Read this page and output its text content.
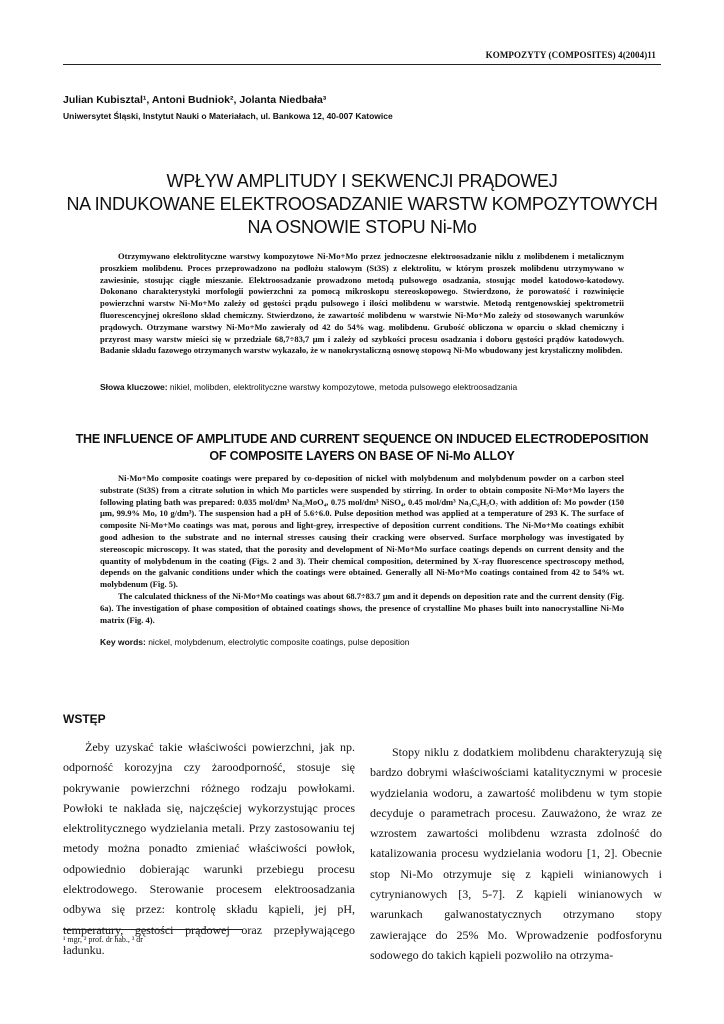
KOMPOZYTY (COMPOSITES) 4(2004)11
Julian Kubisztal¹, Antoni Budniok², Jolanta Niedbała³
Uniwersytet Śląski, Instytut Nauki o Materiałach, ul. Bankowa 12, 40-007 Katowice
WPŁYW AMPLITUDY I SEKWENCJI PRĄDOWEJ
NA INDUKOWANE ELEKTROOSADZANIE WARSTW KOMPOZYTOWYCH
NA OSNOWIE STOPU Ni-Mo

Otrzymywano elektrolityczne warstwy kompozytowe Ni-Mo+Mo przez jednoczesne elektroosadzanie niklu z molibdenem i metalicznym proszkiem molibdenu. Proces przeprowadzono na podłożu stalowym (St3S) z elektrolitu, w którym proszek molibdenu utrzymywano w zawiesinie, stosując ciągłe mieszanie. Elektroosadzanie prowadzono metodą pulsowego osadzania, stosując model katodowo-katodowy. Dokonano charakterystyki morfologii powierzchni za pomocą mikroskopu stereoskopowego. Stwierdzono, że porowatość i rozwinięcie powierzchni warstw Ni-Mo+Mo zależy od gęstości prądu pulsowego i ilości molibdenu w warstwie. Metodą rentgenowskiej spektrometrii fluorescencyjnej określono skład chemiczny. Stwierdzono, że zawartość molibdenu w warstwie Ni-Mo+Mo zależy od stosowanych warunków prądowych. Otrzymane warstwy Ni-Mo+Mo zawierały od 42 do 54% wag. molibdenu. Grubość obliczona w oparciu o skład chemiczny i przyrost masy warstw mieści się w przedziale 68,7÷83,7 µm i zależy od szybkości procesu osadzania i doboru gęstości prądów katodowych. Badanie składu fazowego otrzymanych warstw wykazało, że w nanokrystaliczną osnowę stopową Ni-Mo wbudowany jest krystaliczny molibden.

Słowa kluczowe: nikiel, molibden, elektrolityczne warstwy kompozytowe, metoda pulsowego elektroosadzania
THE INFLUENCE OF AMPLITUDE AND CURRENT SEQUENCE ON INDUCED ELECTRODEPOSITION
OF COMPOSITE LAYERS ON BASE OF Ni-Mo ALLOY

Ni-Mo+Mo composite coatings were prepared by co-deposition of nickel with molybdenum and molybdenum powder on a carbon steel substrate (St3S) from a citrate solution in which Mo particles were suspended by stirring. In order to obtain composite Ni-Mo+Mo layers the following plating bath was prepared: 0.035 mol/dm³ Na₂MoO₄, 0.75 mol/dm³ NiSO₄, 0.45 mol/dm³ Na₃C₆H₅O₇ with addition of: Mo powder (150 µm, 99.9% Mo, 10 g/dm³). The suspension had a pH of 5.6÷6.0. Pulse deposition method was applied at a temperature of 293 K. The surface of composite Ni-Mo+Mo coatings was mat, porous and light-grey, irrespective of deposition current conditions. The Ni-Mo+Mo coatings exhibit good adhesion to the substrate and no internal stresses causing their cracking were observed. Surface morphology was investigated by stereoscopic microscopy. It was stated, that the porosity and development of Ni-Mo+Mo surface coatings depends on current density and the quantity of molybdenum in the coating (Figs. 2 and 3). Their chemical composition, determined by X-ray fluorescence spectroscopy method, depends on the galvanic conditions under which the coatings were obtained. Generally all Ni-Mo+Mo coatings contained from 42 to 54% wt. molybdenum (Fig. 5).

The calculated thickness of the Ni-Mo+Mo coatings was about 68.7÷83.7 µm and it depends on deposition rate and the current density (Fig. 6a). The investigation of phase composition of obtained coatings shows, the presence of crystalline Mo phases built into nanocrystalline Ni-Mo matrix (Fig. 4).

Key words: nickel, molybdenum, electrolytic composite coatings, pulse deposition
WSTĘP

Żeby uzyskać takie właściwości powierzchni, jak np. odporność korozyjna czy żaroodporność, stosuje się pokrywanie powierzchni różnego rodzaju powłokami. Powłoki te nakłada się, najczęściej wykorzystując proces elektrolitycznego wydzielania metali. Przy zastosowaniu tej metody można ponadto zmieniać właściwości powłok, odpowiednio dobierając warunki przebiegu procesu elektrodowego. Sterowanie procesem elektroosadzania odbywa się przez: kontrolę składu kąpieli, jej pH, temperatury, gęstości prądowej oraz przepływającego ładunku.

Stopy niklu z dodatkiem molibdenu charakteryzują się bardzo dobrymi właściwościami katalitycznymi w procesie wydzielania wodoru, a zawartość molibdenu w tym stopie decyduje o parametrach procesu. Zauważono, że wraz ze wzrostem zawartości molibdenu wzrasta zdolność do katalizowania procesu wydzielania wodoru [1, 2]. Obecnie stop Ni-Mo otrzymuje się z kąpieli winianowych i cytrynianowych [3, 5-7]. Z kąpieli winianowych w warunkach galwanostatycznych otrzymano stopy zawierające do 25% Mo. Wprowadzenie podfosforynu sodowego do takich kąpieli pozwoliło na otrzyma-

¹ mgr, ² prof. dr hab., ³ dr
